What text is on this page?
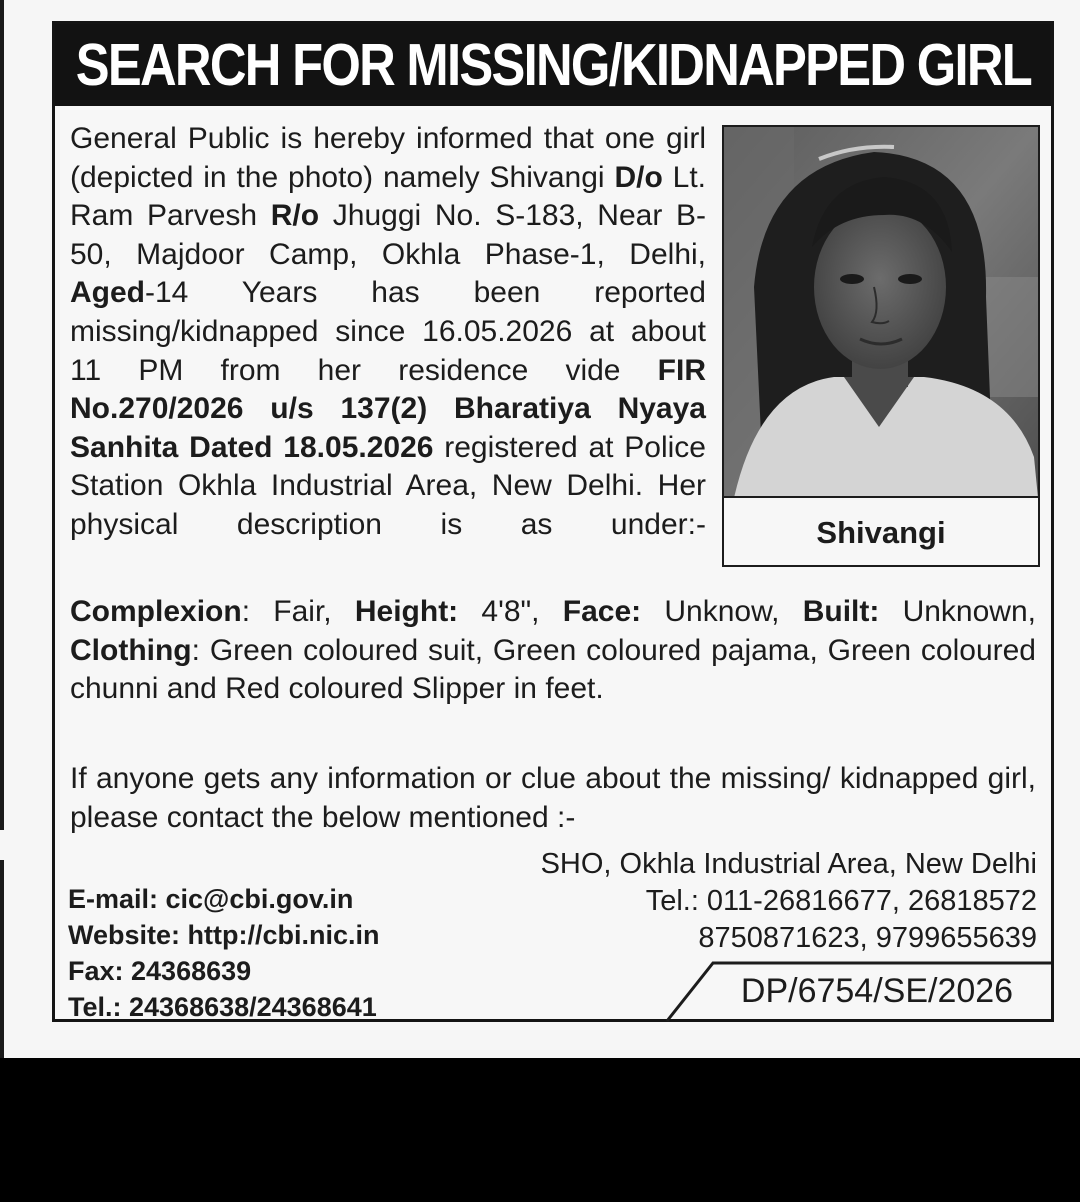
SEARCH FOR MISSING/KIDNAPPED GIRL

General Public is hereby informed that one girl (depicted in the photo) namely Shivangi D/o Lt. Ram Parvesh R/o Jhuggi No. S-183, Near B-50, Majdoor Camp, Okhla Phase-1, Delhi, Aged-14 Years has been reported missing/kidnapped since 16.05.2026 at about 11 PM from her residence vide FIR No.270/2026 u/s 137(2) Bharatiya Nyaya Sanhita Dated 18.05.2026 registered at Police Station Okhla Industrial Area, New Delhi. Her physical description is as under:-	Shivangi

Complexion: Fair, Height: 4'8", Face: Unknow, Built: Unknown, Clothing: Green coloured suit, Green coloured pajama, Green coloured chunni and Red coloured Slipper in feet.

If anyone gets any information or clue about the missing/ kidnapped girl, please contact the below mentioned :-

E-mail: cic@cbi.gov.in
Website: http://cbi.nic.in
Fax: 24368639
Tel.: 24368638/24368641
SHO, Okhla Industrial Area, New Delhi
Tel.: 011-26816677, 26818572
8750871623, 9799655639
DP/6754/SE/2026
